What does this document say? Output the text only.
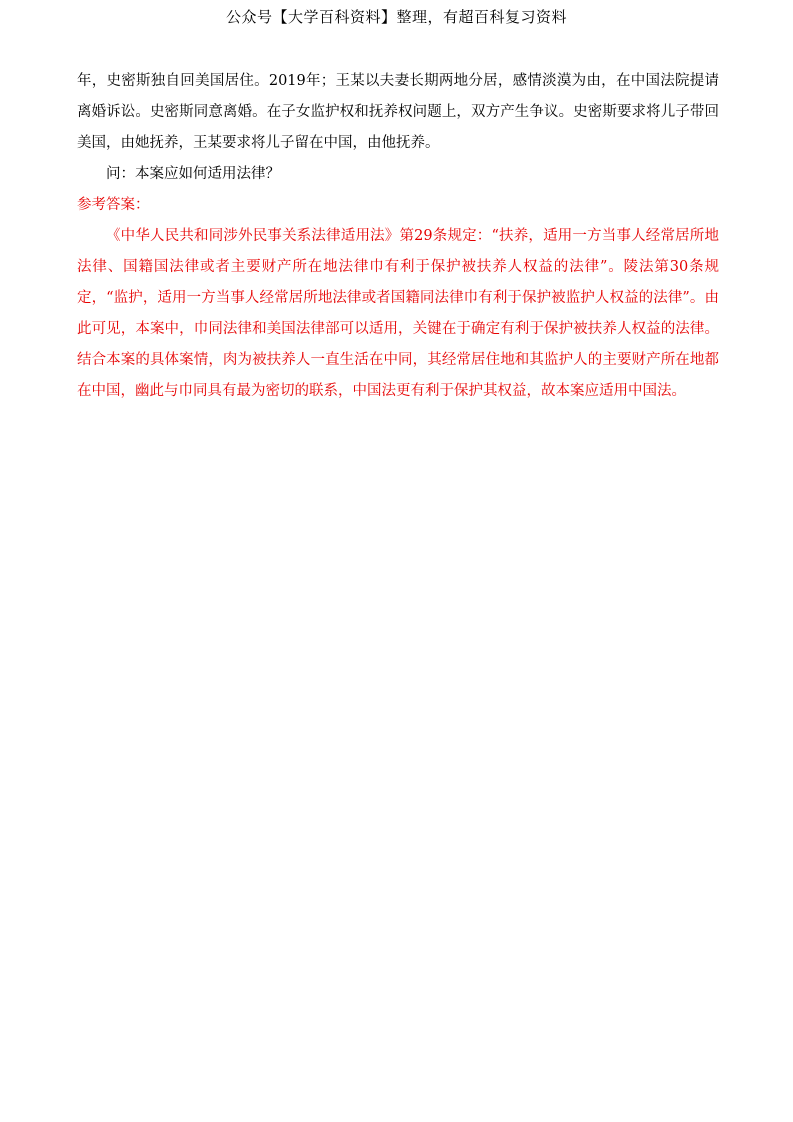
公众号【大学百科资料】整理，有超百科复习资料

年，史密斯独自回美国居住。2019年；王某以夫妻长期两地分居，感情淡漠为由，在中国法院提请离婚诉讼。史密斯同意离婚。在子女监护权和抚养权问题上，双方产生争议。史密斯要求将儿子带回美国，由她抚养，王某要求将儿子留在中国，由他抚养。

问：本案应如何适用法律？

参考答案：

《中华人民共和同涉外民事关系法律适用法》第29条规定：“扶养，适用一方当事人经常居所地法律、国籍国法律或者主要财产所在地法律巾有利于保护被扶养人权益的法律”。陵法第30条规定，“监护，适用一方当事人经常居所地法律或者国籍同法律巾有利于保护被监护人权益的法律”。由此可见，本案中，巾同法律和美国法律部可以适用，关键在于确定有利于保护被扶养人权益的法律。结合本案的具体案情，肉为被扶养人一直生活在中同，其经常居住地和其监护人的主要财产所在地都在中国，幽此与巾同具有最为密切的联系，中国法更有利于保护其权益，故本案应适用中国法。
